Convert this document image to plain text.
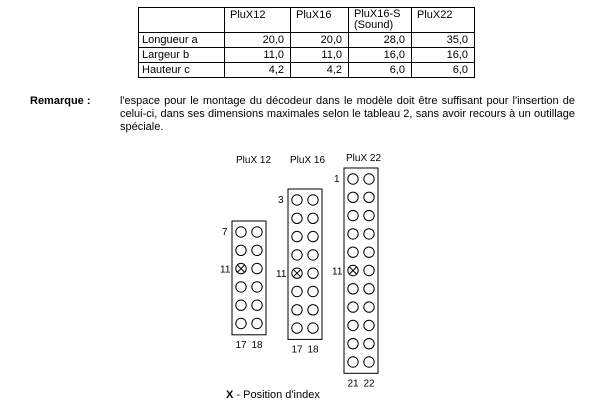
	PluX12	PluX16	PluX16-S
(Sound)	PluX22
Longueur a	20,0	20,0	28,0	35,0
Largeur b	11,0	11,0	16,0	16,0
Hauteur c	4,2	4,2	6,0	6,0
Remarque :	l'espace pour le montage du décodeur dans le modèle doit être suffisant pour l'insertion de celui-ci, dans ses dimensions maximales selon le tableau 2, sans avoir recours à un outillage spéciale.
PluX 12
7
11
17 18
PluX 16
3
11
17 18
PluX 22
1
11
21 22
X - Position d'index
